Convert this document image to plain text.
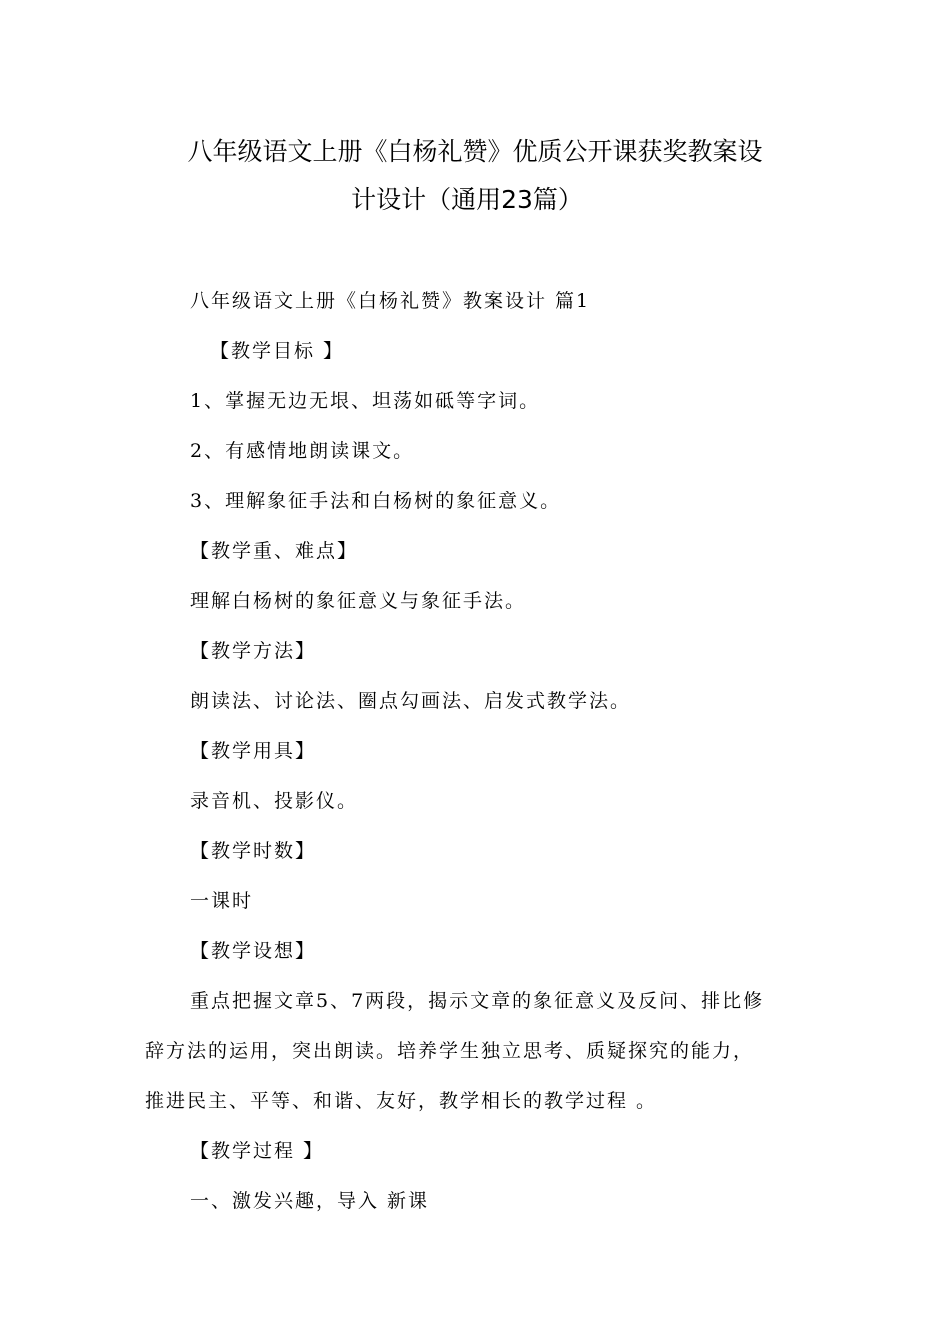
八年级语文上册《白杨礼赞》优质公开课获奖教案设
计设计（通用23篇）
八年级语文上册《白杨礼赞》教案设计 篇1
【教学目标 】
1、掌握无边无垠、坦荡如砥等字词。
2、有感情地朗读课文。
3、理解象征手法和白杨树的象征意义。
【教学重、难点】
理解白杨树的象征意义与象征手法。
【教学方法】
朗读法、讨论法、圈点勾画法、启发式教学法。
【教学用具】
录音机、投影仪。
【教学时数】
一课时
【教学设想】
重点把握文章5、7两段，揭示文章的象征意义及反问、排比修
辞方法的运用，突出朗读。培养学生独立思考、质疑探究的能力，
推进民主、平等、和谐、友好，教学相长的教学过程 。
【教学过程 】
一、激发兴趣，导入 新课
